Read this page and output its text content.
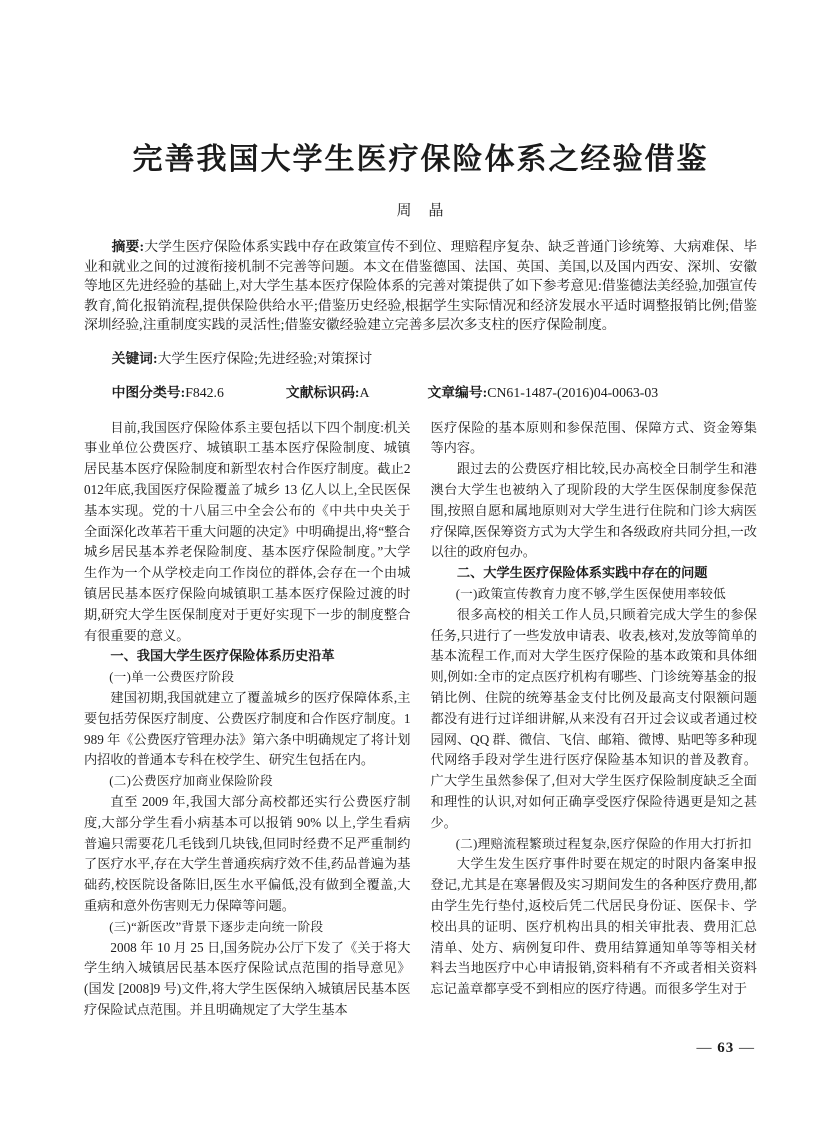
完善我国大学生医疗保险体系之经验借鉴
周　晶

摘要:大学生医疗保险体系实践中存在政策宣传不到位、理赔程序复杂、缺乏普通门诊统筹、大病难保、毕业和就业之间的过渡衔接机制不完善等问题。本文在借鉴德国、法国、英国、美国,以及国内西安、深圳、安徽等地区先进经验的基础上,对大学生基本医疗保险体系的完善对策提供了如下参考意见:借鉴德法美经验,加强宣传教育,简化报销流程,提供保险供给水平;借鉴历史经验,根据学生实际情况和经济发展水平适时调整报销比例;借鉴深圳经验,注重制度实践的灵活性;借鉴安徽经验建立完善多层次多支柱的医疗保险制度。

关键词:大学生医疗保险;先进经验;对策探讨

中图分类号:F842.6	文献标识码:A	文章编号:CN61-1487-(2016)04-0063-03

目前,我国医疗保险体系主要包括以下四个制度:机关事业单位公费医疗、城镇职工基本医疗保险制度、城镇居民基本医疗保险制度和新型农村合作医疗制度。截止2012年底,我国医疗保险覆盖了城乡 13 亿人以上,全民医保基本实现。党的十八届三中全会公布的《中共中央关于全面深化改革若干重大问题的决定》中明确提出,将“整合城乡居民基本养老保险制度、基本医疗保险制度。”大学生作为一个从学校走向工作岗位的群体,会存在一个由城镇居民基本医疗保险向城镇职工基本医疗保险过渡的时期,研究大学生医保制度对于更好实现下一步的制度整合有很重要的意义。

一、我国大学生医疗保险体系历史沿革

(一)单一公费医疗阶段

建国初期,我国就建立了覆盖城乡的医疗保障体系,主要包括劳保医疗制度、公费医疗制度和合作医疗制度。1989 年《公费医疗管理办法》第六条中明确规定了将计划内招收的普通本专科在校学生、研究生包括在内。

(二)公费医疗加商业保险阶段

直至 2009 年,我国大部分高校都还实行公费医疗制度,大部分学生看小病基本可以报销 90% 以上,学生看病普遍只需要花几毛钱到几块钱,但同时经费不足严重制约了医疗水平,存在大学生普通疾病疗效不佳,药品普遍为基础药,校医院设备陈旧,医生水平偏低,没有做到全覆盖,大重病和意外伤害则无力保障等问题。

(三)“新医改”背景下逐步走向统一阶段

2008 年 10 月 25 日,国务院办公厅下发了《关于将大学生纳入城镇居民基本医疗保险试点范围的指导意见》(国发 [2008]9 号)文件,将大学生医保纳入城镇居民基本医疗保险试点范围。并且明确规定了大学生基本

医疗保险的基本原则和参保范围、保障方式、资金筹集等内容。

跟过去的公费医疗相比较,民办高校全日制学生和港澳台大学生也被纳入了现阶段的大学生医保制度参保范围,按照自愿和属地原则对大学生进行住院和门诊大病医疗保障,医保筹资方式为大学生和各级政府共同分担,一改以往的政府包办。

二、大学生医疗保险体系实践中存在的问题

(一)政策宣传教育力度不够,学生医保使用率较低

很多高校的相关工作人员,只顾着完成大学生的参保任务,只进行了一些发放申请表、收表,核对,发放等简单的基本流程工作,而对大学生医疗保险的基本政策和具体细则,例如:全市的定点医疗机构有哪些、门诊统筹基金的报销比例、住院的统筹基金支付比例及最高支付限额问题都没有进行过详细讲解,从来没有召开过会议或者通过校园网、QQ 群、微信、飞信、邮箱、微博、贴吧等多种现代网络手段对学生进行医疗保险基本知识的普及教育。广大学生虽然参保了,但对大学生医疗保险制度缺乏全面和理性的认识,对如何正确享受医疗保险待遇更是知之甚少。

(二)理赔流程繁琐过程复杂,医疗保险的作用大打折扣

大学生发生医疗事件时要在规定的时限内备案申报登记,尤其是在寒暑假及实习期间发生的各种医疗费用,都由学生先行垫付,返校后凭二代居民身份证、医保卡、学校出具的证明、医疗机构出具的相关审批表、费用汇总清单、处方、病例复印件、费用结算通知单等等相关材料去当地医疗中心申请报销,资料稍有不齐或者相关资料忘记盖章都享受不到相应的医疗待遇。而很多学生对于

— 63 —
